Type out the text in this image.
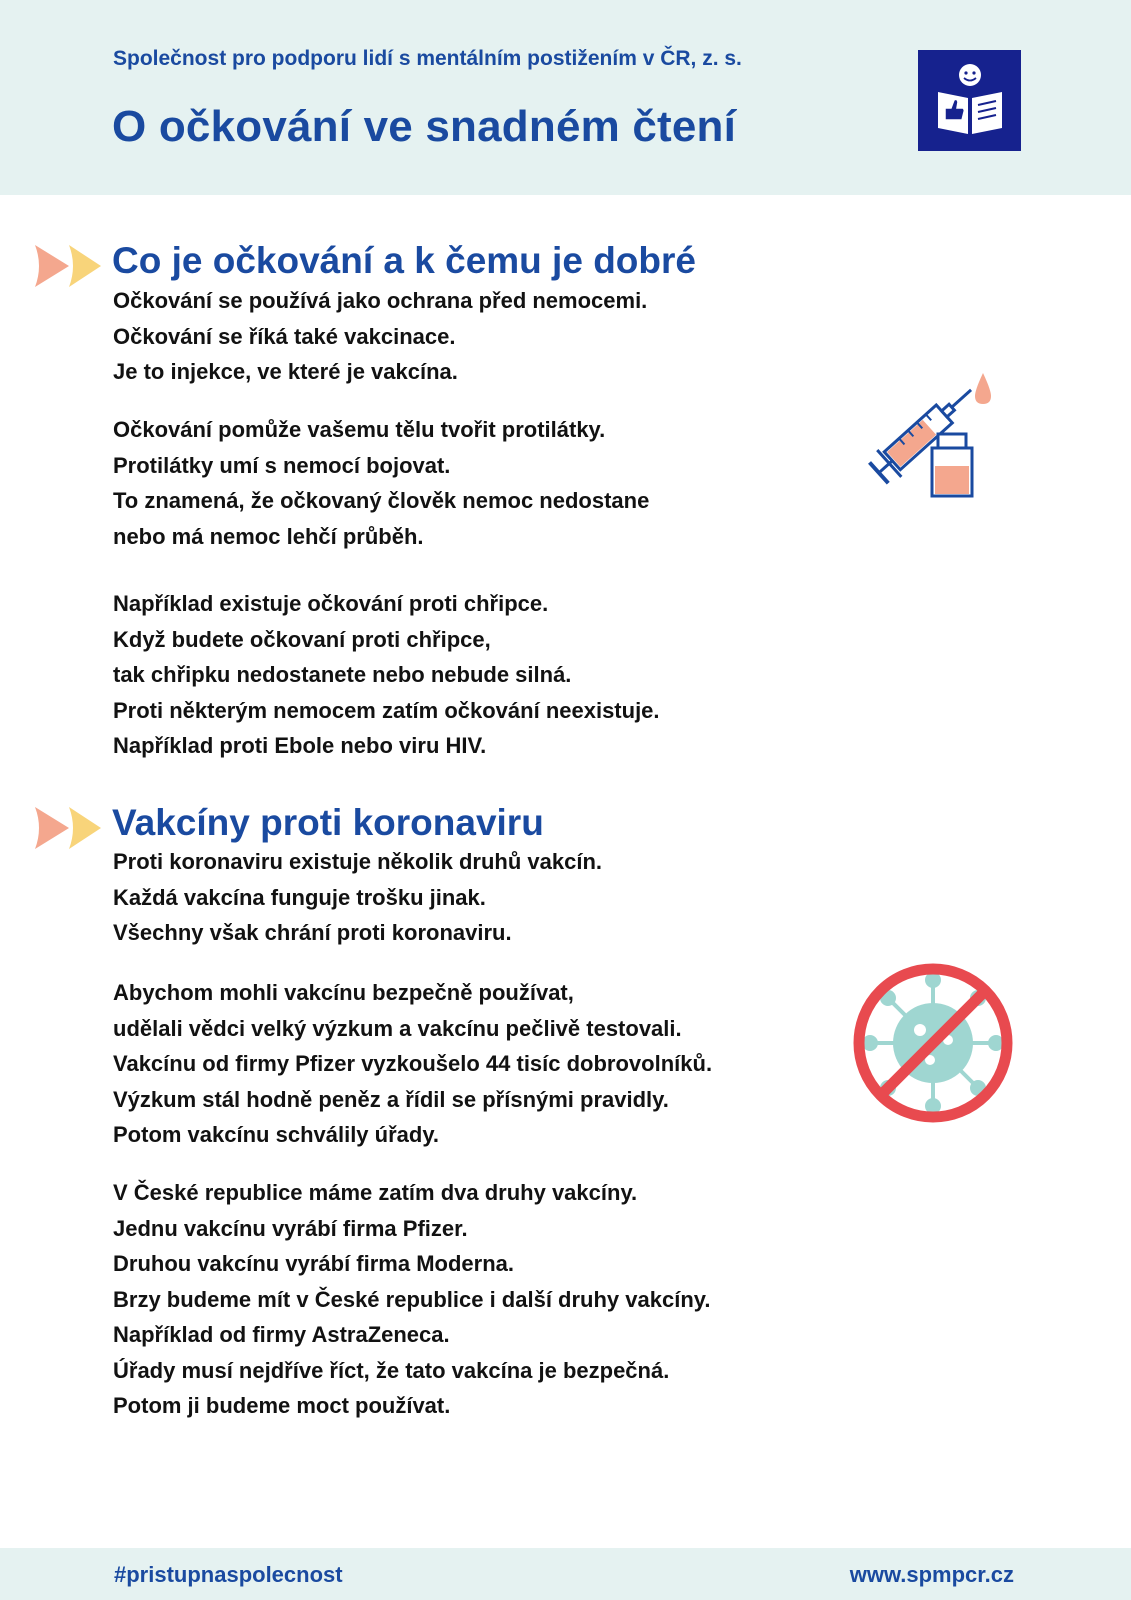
Společnost pro podporu lidí s mentálním postižením v ČR, z. s.
O očkování ve snadném čtení
Co je očkování a k čemu je dobré

Očkování se používá jako ochrana před nemocemi.
Očkování se říká také vakcinace.
Je to injekce, ve které je vakcína.

Očkování pomůže vašemu tělu tvořit protilátky.
Protilátky umí s nemocí bojovat.
To znamená, že očkovaný člověk nemoc nedostane
nebo má nemoc lehčí průběh.

Například existuje očkování proti chřipce.
Když budete očkovaní proti chřipce,
tak chřipku nedostanete nebo nebude silná.
Proti některým nemocem zatím očkování neexistuje.
Například proti Ebole nebo viru HIV.

Vakcíny proti koronaviru

Proti koronaviru existuje několik druhů vakcín.
Každá vakcína funguje trošku jinak.
Všechny však chrání proti koronaviru.

Abychom mohli vakcínu bezpečně používat,
udělali vědci velký výzkum a vakcínu pečlivě testovali.
Vakcínu od firmy Pfizer vyzkoušelo 44 tisíc dobrovolníků.
Výzkum stál hodně peněz a řídil se přísnými pravidly.
Potom vakcínu schválily úřady.

V České republice máme zatím dva druhy vakcíny.
Jednu vakcínu vyrábí firma Pfizer.
Druhou vakcínu vyrábí firma Moderna.
Brzy budeme mít v České republice i další druhy vakcíny.
Například od firmy AstraZeneca.
Úřady musí nejdříve říct, že tato vakcína je bezpečná.
Potom ji budeme moct používat.

#pristupnaspolecnost	www.spmpcr.cz
